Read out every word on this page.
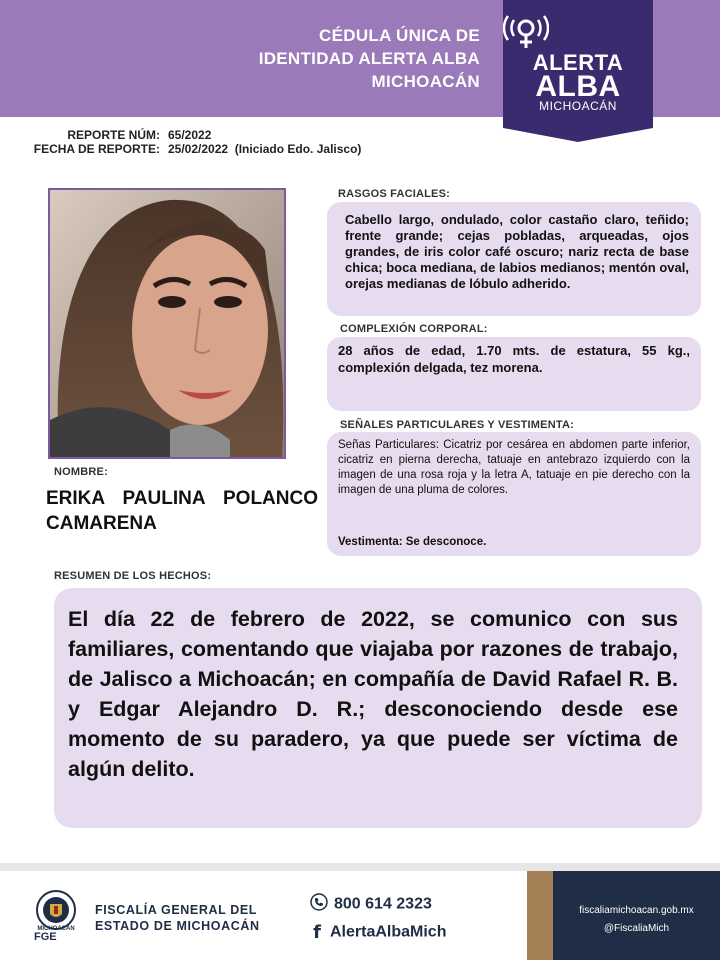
CÉDULA ÚNICA DE
IDENTIDAD ALERTA ALBA
MICHOACÁN
ALERTA
ALBA
MICHOACÁN
REPORTE NÚM:
FECHA DE REPORTE:
65/2022
25/02/2022  (Iniciado Edo. Jalisco)
NOMBRE:
ERIKA PAULINA POLANCO CAMARENA
RASGOS FACIALES:
Cabello largo, ondulado, color castaño claro, teñido; frente grande; cejas pobladas, arqueadas, ojos grandes, de iris color café oscuro; nariz recta de base chica; boca mediana, de labios medianos; mentón oval, orejas medianas de lóbulo adherido.
COMPLEXIÓN CORPORAL:
28 años de edad, 1.70 mts. de estatura, 55 kg., complexión delgada, tez morena.
SEÑALES PARTICULARES Y VESTIMENTA:
Señas Particulares: Cicatriz por cesárea en abdomen parte inferior, cicatriz en pierna derecha, tatuaje en antebrazo izquierdo con la imagen de una rosa roja y la letra A, tatuaje en pie derecho con la imagen de una pluma de colores.
Vestimenta: Se desconoce.
RESUMEN DE LOS HECHOS:
El día 22 de febrero de 2022, se comunico con sus familiares, comentando que viajaba por razones de trabajo, de Jalisco a Michoacán; en compañía de David Rafael R. B. y Edgar Alejandro D. R.; desconociendo desde ese momento de su paradero, ya que puede ser víctima de algún delito.
MICHOACÁN
FGE
FISCALÍA GENERAL DEL
ESTADO DE MICHOACÁN
800 614 2323
f AlertaAlbaMich
fiscaliamichoacan.gob.mx
@FiscaliaMich
